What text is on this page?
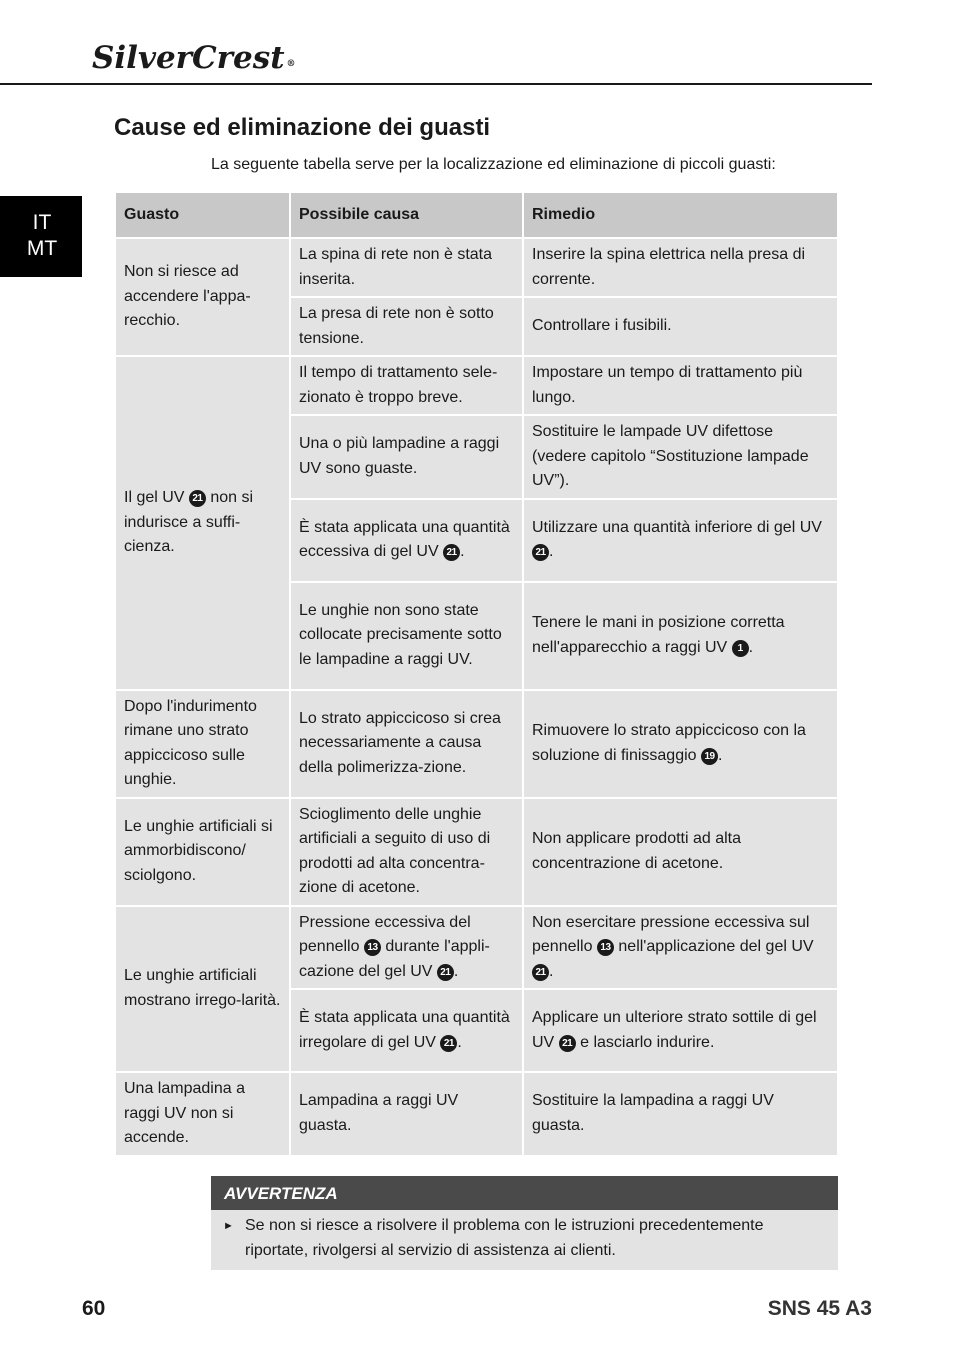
SilverCrest ®
IT
MT
Cause ed eliminazione dei guasti

La seguente tabella serve per la localizzazione ed eliminazione di piccoli guasti:

Guasto	Possibile causa	Rimedio
Non si riesce ad accendere l'appa-recchio.	La spina di rete non è stata inserita.	Inserire la spina elettrica nella presa di corrente.
	La presa di rete non è sotto tensione.	Controllare i fusibili.
Il gel UV 21 non si indurisce a suffi-cienza.	Il tempo di trattamento sele-zionato è troppo breve.	Impostare un tempo di trattamento più lungo.
	Una o più lampadine a raggi UV sono guaste.	Sostituire le lampade UV difettose (vedere capitolo “Sostituzione lampade UV”).
	È stata applicata una quantità eccessiva di gel UV 21 .	Utilizzare una quantità inferiore di gel UV 21 .
	Le unghie non sono state collocate precisamente sotto le lampadine a raggi UV.	Tenere le mani in posizione corretta nell'apparecchio a raggi UV 1 .
Dopo l'indurimento rimane uno strato appiccicoso sulle unghie.	Lo strato appiccicoso si crea necessariamente a causa della polimerizza-zione.	Rimuovere lo strato appiccicoso con la soluzione di finissaggio 19 .
Le unghie artificiali si ammorbidiscono/ sciolgono.	Scioglimento delle unghie artificiali a seguito di uso di prodotti ad alta concentra-zione di acetone.	Non applicare prodotti ad alta concentrazione di acetone.
Le unghie artificiali mostrano irrego-larità.	Pressione eccessiva del pennello 13 durante l'appli-cazione del gel UV 21 .	Non esercitare pressione eccessiva sul pennello 13 nell'applicazione del gel UV 21 .
	È stata applicata una quantità irregolare di gel UV 21 .	Applicare un ulteriore strato sottile di gel UV 21 e lasciarlo indurire.
Una lampadina a raggi UV non si accende.	Lampadina a raggi UV guasta.	Sostituire la lampadina a raggi UV guasta.
AVVERTENZA
► Se non si riesce a risolvere il problema con le istruzioni precedentemente riportate, rivolgersi al servizio di assistenza ai clienti.
60	SNS 45 A3
